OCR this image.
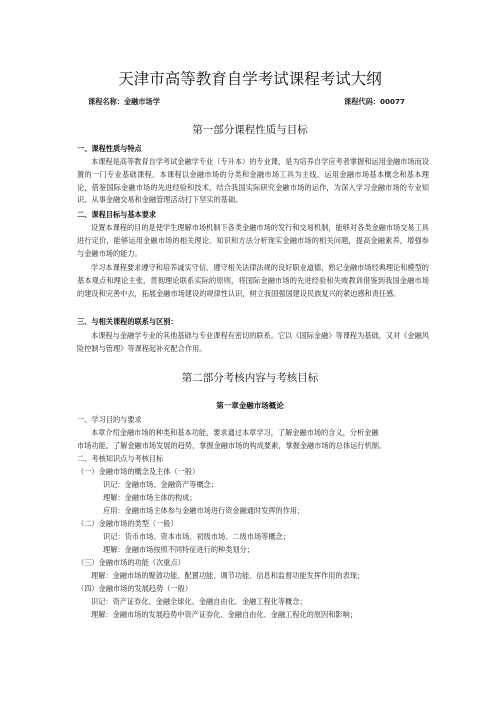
天津市高等教育自学考试课程考试大纲
课程名称：金融市场学	课程代码：00077
第一部分课程性质与目标
一、课程性质与特点

本课程是高等教育自学考试金融学专业（专升本）的专业课，是为培养自学应考者掌握和运用金融市场而设置的一门专业基础课程。本课程以金融市场的分类和金融市场工具为主线，运用金融市场基本概念和基本理论，借鉴国际金融市场的先进经验和技术，结合我国实际研究金融市场的运作，为深入学习金融市场的专业知识、从事金融交易和金融管理活动打下坚实的基础。

二、课程目标与基本要求

设置本课程的目的是使学生理解市场机制下各类金融市场的发行和交易机制，能够对各类金融市场交易工具进行定价，能够运用金融市场的相关理论、知识和方法分析现实金融市场的相关问题，提高金融素养，增强参与金融市场的能力。

学习本课程要求遵守和培养诚实守信、遵守相关法律法规的良好职业道德，熟记金融市场经典理论和模型的基本观点和理论主张，贯彻理论联系实际的原则，将国际金融市场的先进经验和失败教训借鉴到我国金融市场的建设和完善中去，拓展金融市场建设的规律性认识，树立我国强国建设民族复兴的紧迫感和责任感。

三、与相关课程的联系与区别：

本课程与金融学专业的其他基础与专业课程有密切的联系。它以《国际金融》等课程为基础，又对《金融风险控制与管理》等课程起补充配合作用。

第二部分考核内容与考核目标
第一章金融市场概论
一、学习目的与要求
本章介绍金融市场的种类和基本功能，要求通过本章学习，了解金融市场的含义，分析金融
市场功能，了解金融市场发展的趋势，掌握金融市场的构成要素，掌握金融市场的总体运行机制。
二、考核知识点与考核目标
（一）金融市场的概念及主体（一般）
识记：金融市场、金融资产等概念；
理解：金融市场主体的构成；
应用：金融市场主体参与金融市场进行资金融通时发挥的作用；
（二）金融市场的类型（一般）
识记：货币市场、资本市场、初级市场、二级市场等概念；
理解：金融市场按照不同特征进行的种类划分；
（三）金融市场的功能（次重点）
理解：金融市场的聚敛功能、配置功能、调节功能、信息和监督功能发挥作用的表现；
（四）金融市场的发展趋势（一般）
识记：资产证券化、金融全球化、金融自由化、金融工程化等概念；
理解：金融市场的发展趋势中资产证券化、金融自由化、金融工程化的原因和影响；
